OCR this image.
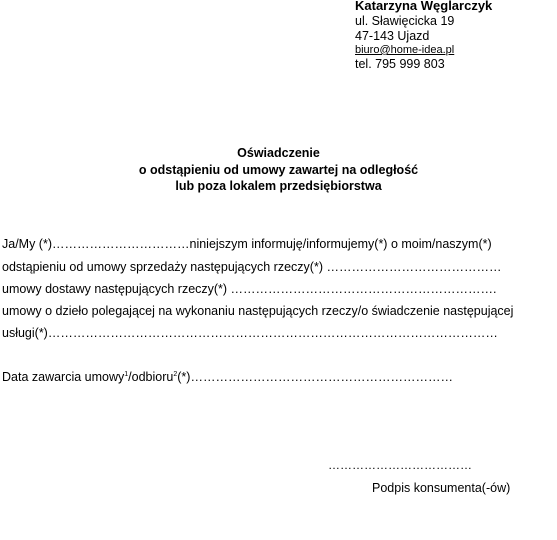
Katarzyna Węglarczyk
ul. Sławięcicka 19
47-143 Ujazd
biuro@home-idea.pl
tel. 795 999 803
Oświadczenie
o odstąpieniu od umowy zawartej na odległość
lub poza lokalem przedsiębiorstwa
Ja/My (*)……………………………niniejszym informuję/informujemy(*) o moim/naszym(*)
odstąpieniu od umowy sprzedaży następujących rzeczy(*) ……………………………………
umowy dostawy następujących rzeczy(*) ……………………………………………………….
umowy o dzieło polegającej na wykonaniu następujących rzeczy/o świadczenie następującej
usługi(*)………………………………………………………………………………………………
Data zawarcia umowy$^1$/odbioru$^2$(*)………………………………………………………
………………………………
Podpis konsumenta(-ów)
